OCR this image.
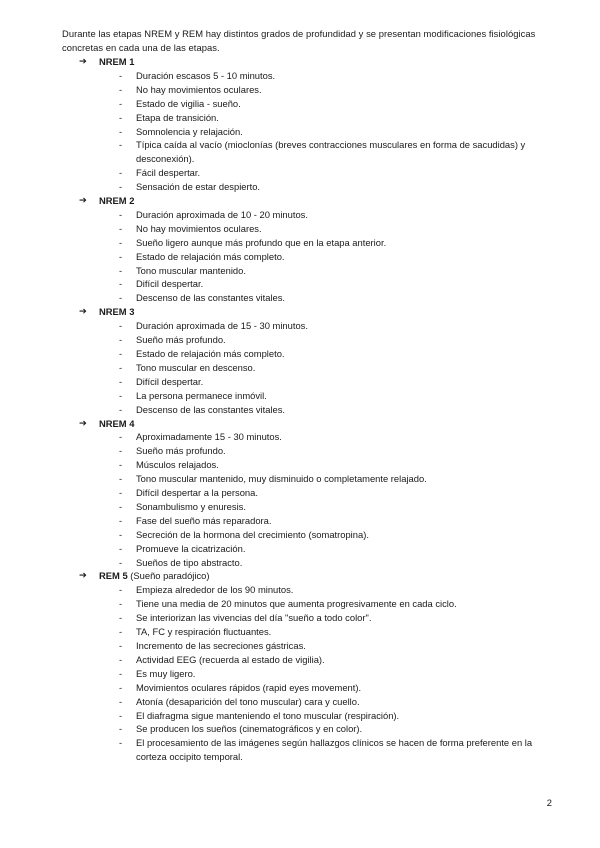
Durante las etapas NREM y REM hay distintos grados de profundidad y se presentan modificaciones fisiológicas concretas en cada una de las etapas.

➔ NREM 1
- Duración escasos 5 - 10 minutos.
- No hay movimientos oculares.
- Estado de vigilia - sueño.
- Etapa de transición.
- Somnolencia y relajación.
- Típica caída al vacío (mioclonías (breves contracciones musculares en forma de sacudidas) y desconexión).
- Fácil despertar.
- Sensación de estar despierto.
➔ NREM 2
- Duración aproximada de 10 - 20 minutos.
- No hay movimientos oculares.
- Sueño ligero aunque más profundo que en la etapa anterior.
- Estado de relajación más completo.
- Tono muscular mantenido.
- Difícil despertar.
- Descenso de las constantes vitales.
➔ NREM 3
- Duración aproximada de 15 - 30 minutos.
- Sueño más profundo.
- Estado de relajación más completo.
- Tono muscular en descenso.
- Difícil despertar.
- La persona permanece inmóvil.
- Descenso de las constantes vitales.
➔ NREM 4
- Aproximadamente 15 - 30 minutos.
- Sueño más profundo.
- Músculos relajados.
- Tono muscular mantenido, muy disminuido o completamente relajado.
- Difícil despertar a la persona.
- Sonambulismo y enuresis.
- Fase del sueño más reparadora.
- Secreción de la hormona del crecimiento (somatropina).
- Promueve la cicatrización.
- Sueños de tipo abstracto.
➔ REM 5 (Sueño paradójico)
- Empieza alrededor de los 90 minutos.
- Tiene una media de 20 minutos que aumenta progresivamente en cada ciclo.
- Se interiorizan las vivencias del día "sueño a todo color".
- TA, FC y respiración fluctuantes.
- Incremento de las secreciones gástricas.
- Actividad EEG (recuerda al estado de vigilia).
- Es muy ligero.
- Movimientos oculares rápidos (rapid eyes movement).
- Atonía (desaparición del tono muscular) cara y cuello.
- El diafragma sigue manteniendo el tono muscular (respiración).
- Se producen los sueños (cinematográficos y en color).
- El procesamiento de las imágenes según hallazgos clínicos se hacen de forma preferente en la corteza occipito temporal.
2
